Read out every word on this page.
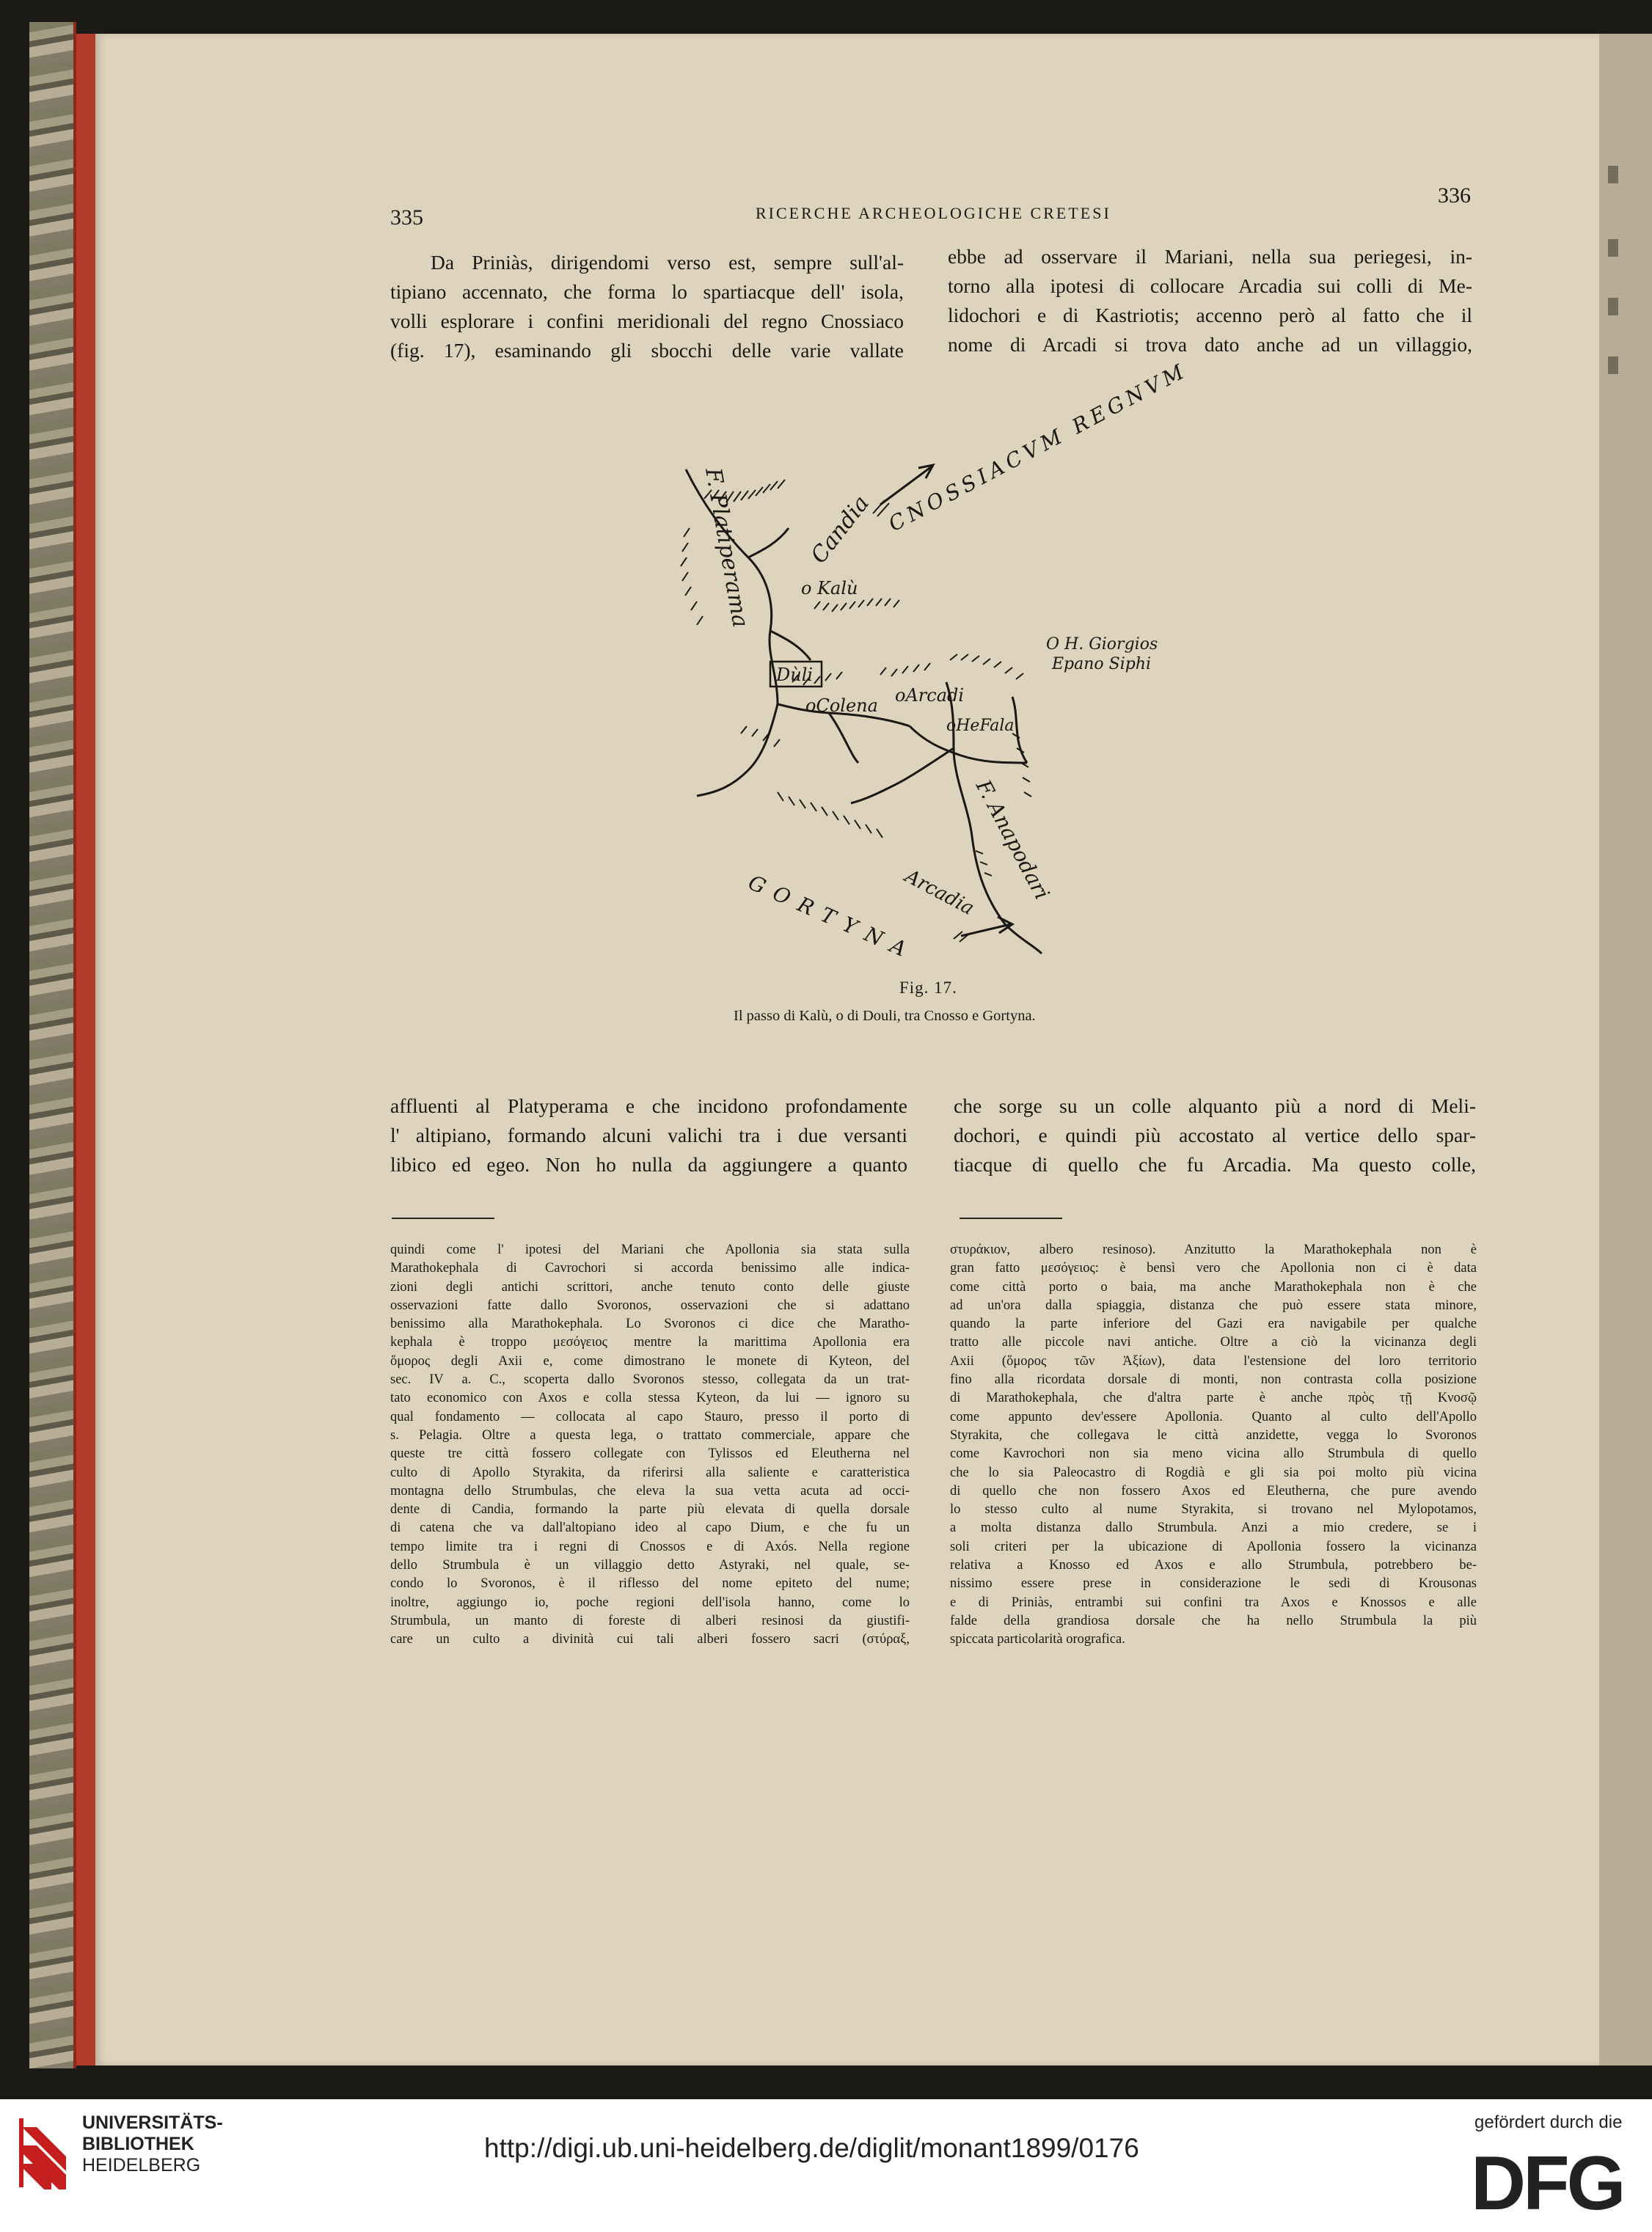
335	RICERCHE ARCHEOLOGICHE CRETESI
336
Da Priniàs, dirigendomi verso est, sempre sull'al-
tipiano accennato, che forma lo spartiacque dell' isola,
volli esplorare i confini meridionali del regno Cnossiaco
(fig. 17), esaminando gli sbocchi delle varie vallate
ebbe ad osservare il Mariani, nella sua periegesi, in-
torno alla ipotesi di collocare Arcadia sui colli di Me-
lidochori e di Kastriotis; accenno però al fatto che il
nome di Arcadi si trova dato anche ad un villaggio,
F. Platiperama Candia CNOSSIACVM REGNVM
o Kalù
Dùli
oColena oArcadi
oHeFala
O H. Giorgios
Epano Siphi
F. Anapodari
Arcadia
GORTYNA
Fig. 17.
Il passo di Kalù, o di Douli, tra Cnosso e Gortyna.
affluenti al Platyperama e che incidono profondamente
l' altipiano, formando alcuni valichi tra i due versanti
libico ed egeo. Non ho nulla da aggiungere a quanto
che sorge su un colle alquanto più a nord di Meli-
dochori, e quindi più accostato al vertice dello spar-
tiacque di quello che fu Arcadia. Ma questo colle,
quindi come l' ipotesi del Mariani che Apollonia sia stata sulla
Marathokephala di Cavrochori si accorda benissimo alle indica-
zioni degli antichi scrittori, anche tenuto conto delle giuste
osservazioni fatte dallo Svoronos, osservazioni che si adattano
benissimo alla Marathokephala. Lo Svoronos ci dice che Maratho-
kephala è troppo μεσόγειος mentre la marittima Apollonia era
ὅμορος degli Axii e, come dimostrano le monete di Kyteon, del
sec. IV a. C., scoperta dallo Svoronos stesso, collegata da un trat-
tato economico con Axos e colla stessa Kyteon, da lui — ignoro su
qual fondamento — collocata al capo Stauro, presso il porto di
s. Pelagia. Oltre a questa lega, o trattato commerciale, appare che
queste tre città fossero collegate con Tylissos ed Eleutherna nel
culto di Apollo Styrakita, da riferirsi alla saliente e caratteristica
montagna dello Strumbulas, che eleva la sua vetta acuta ad occi-
dente di Candia, formando la parte più elevata di quella dorsale
di catena che va dall'altopiano ideo al capo Dium, e che fu un
tempo limite tra i regni di Cnossos e di Axós. Nella regione
dello Strumbula è un villaggio detto Astyraki, nel quale, se-
condo lo Svoronos, è il riflesso del nome epiteto del nume;
inoltre, aggiungo io, poche regioni dell'isola hanno, come lo
Strumbula, un manto di foreste di alberi resinosi da giustifi-
care un culto a divinità cui tali alberi fossero sacri (στύραξ,
στυράκιον, albero resinoso). Anzitutto la Marathokephala non è
gran fatto μεσόγειος: è bensì vero che Apollonia non ci è data
come città porto o baia, ma anche Marathokephala non è che
ad un'ora dalla spiaggia, distanza che può essere stata minore,
quando la parte inferiore del Gazi era navigabile per qualche
tratto alle piccole navi antiche. Oltre a ciò la vicinanza degli
Axii (ὅμορος τῶν Ἀξίων), data l'estensione del loro territorio
fino alla ricordata dorsale di monti, non contrasta colla posizione
di Marathokephala, che d'altra parte è anche πρὸς τῇ Κνοσῷ
come appunto dev'essere Apollonia. Quanto al culto dell'Apollo
Styrakita, che collegava le città anzidette, vegga lo Svoronos
come Kavrochori non sia meno vicina allo Strumbula di quello
che lo sia Paleocastro di Rogdià e gli sia poi molto più vicina
di quello che non fossero Axos ed Eleutherna, che pure avendo
lo stesso culto al nume Styrakita, si trovano nel Mylopotamos,
a molta distanza dallo Strumbula. Anzi a mio credere, se i
soli criteri per la ubicazione di Apollonia fossero la vicinanza
relativa a Knosso ed Axos e allo Strumbula, potrebbero be-
nissimo essere prese in considerazione le sedi di Krousonas
e di Priniàs, entrambi sui confini tra Axos e Knossos e alle
falde della grandiosa dorsale che ha nello Strumbula la più
spiccata particolarità orografica.
UNIVERSITÄTS-
BIBLIOTHEK
HEIDELBERG
http://digi.ub.uni-heidelberg.de/diglit/monant1899/0176
gefördert durch die
DFG
